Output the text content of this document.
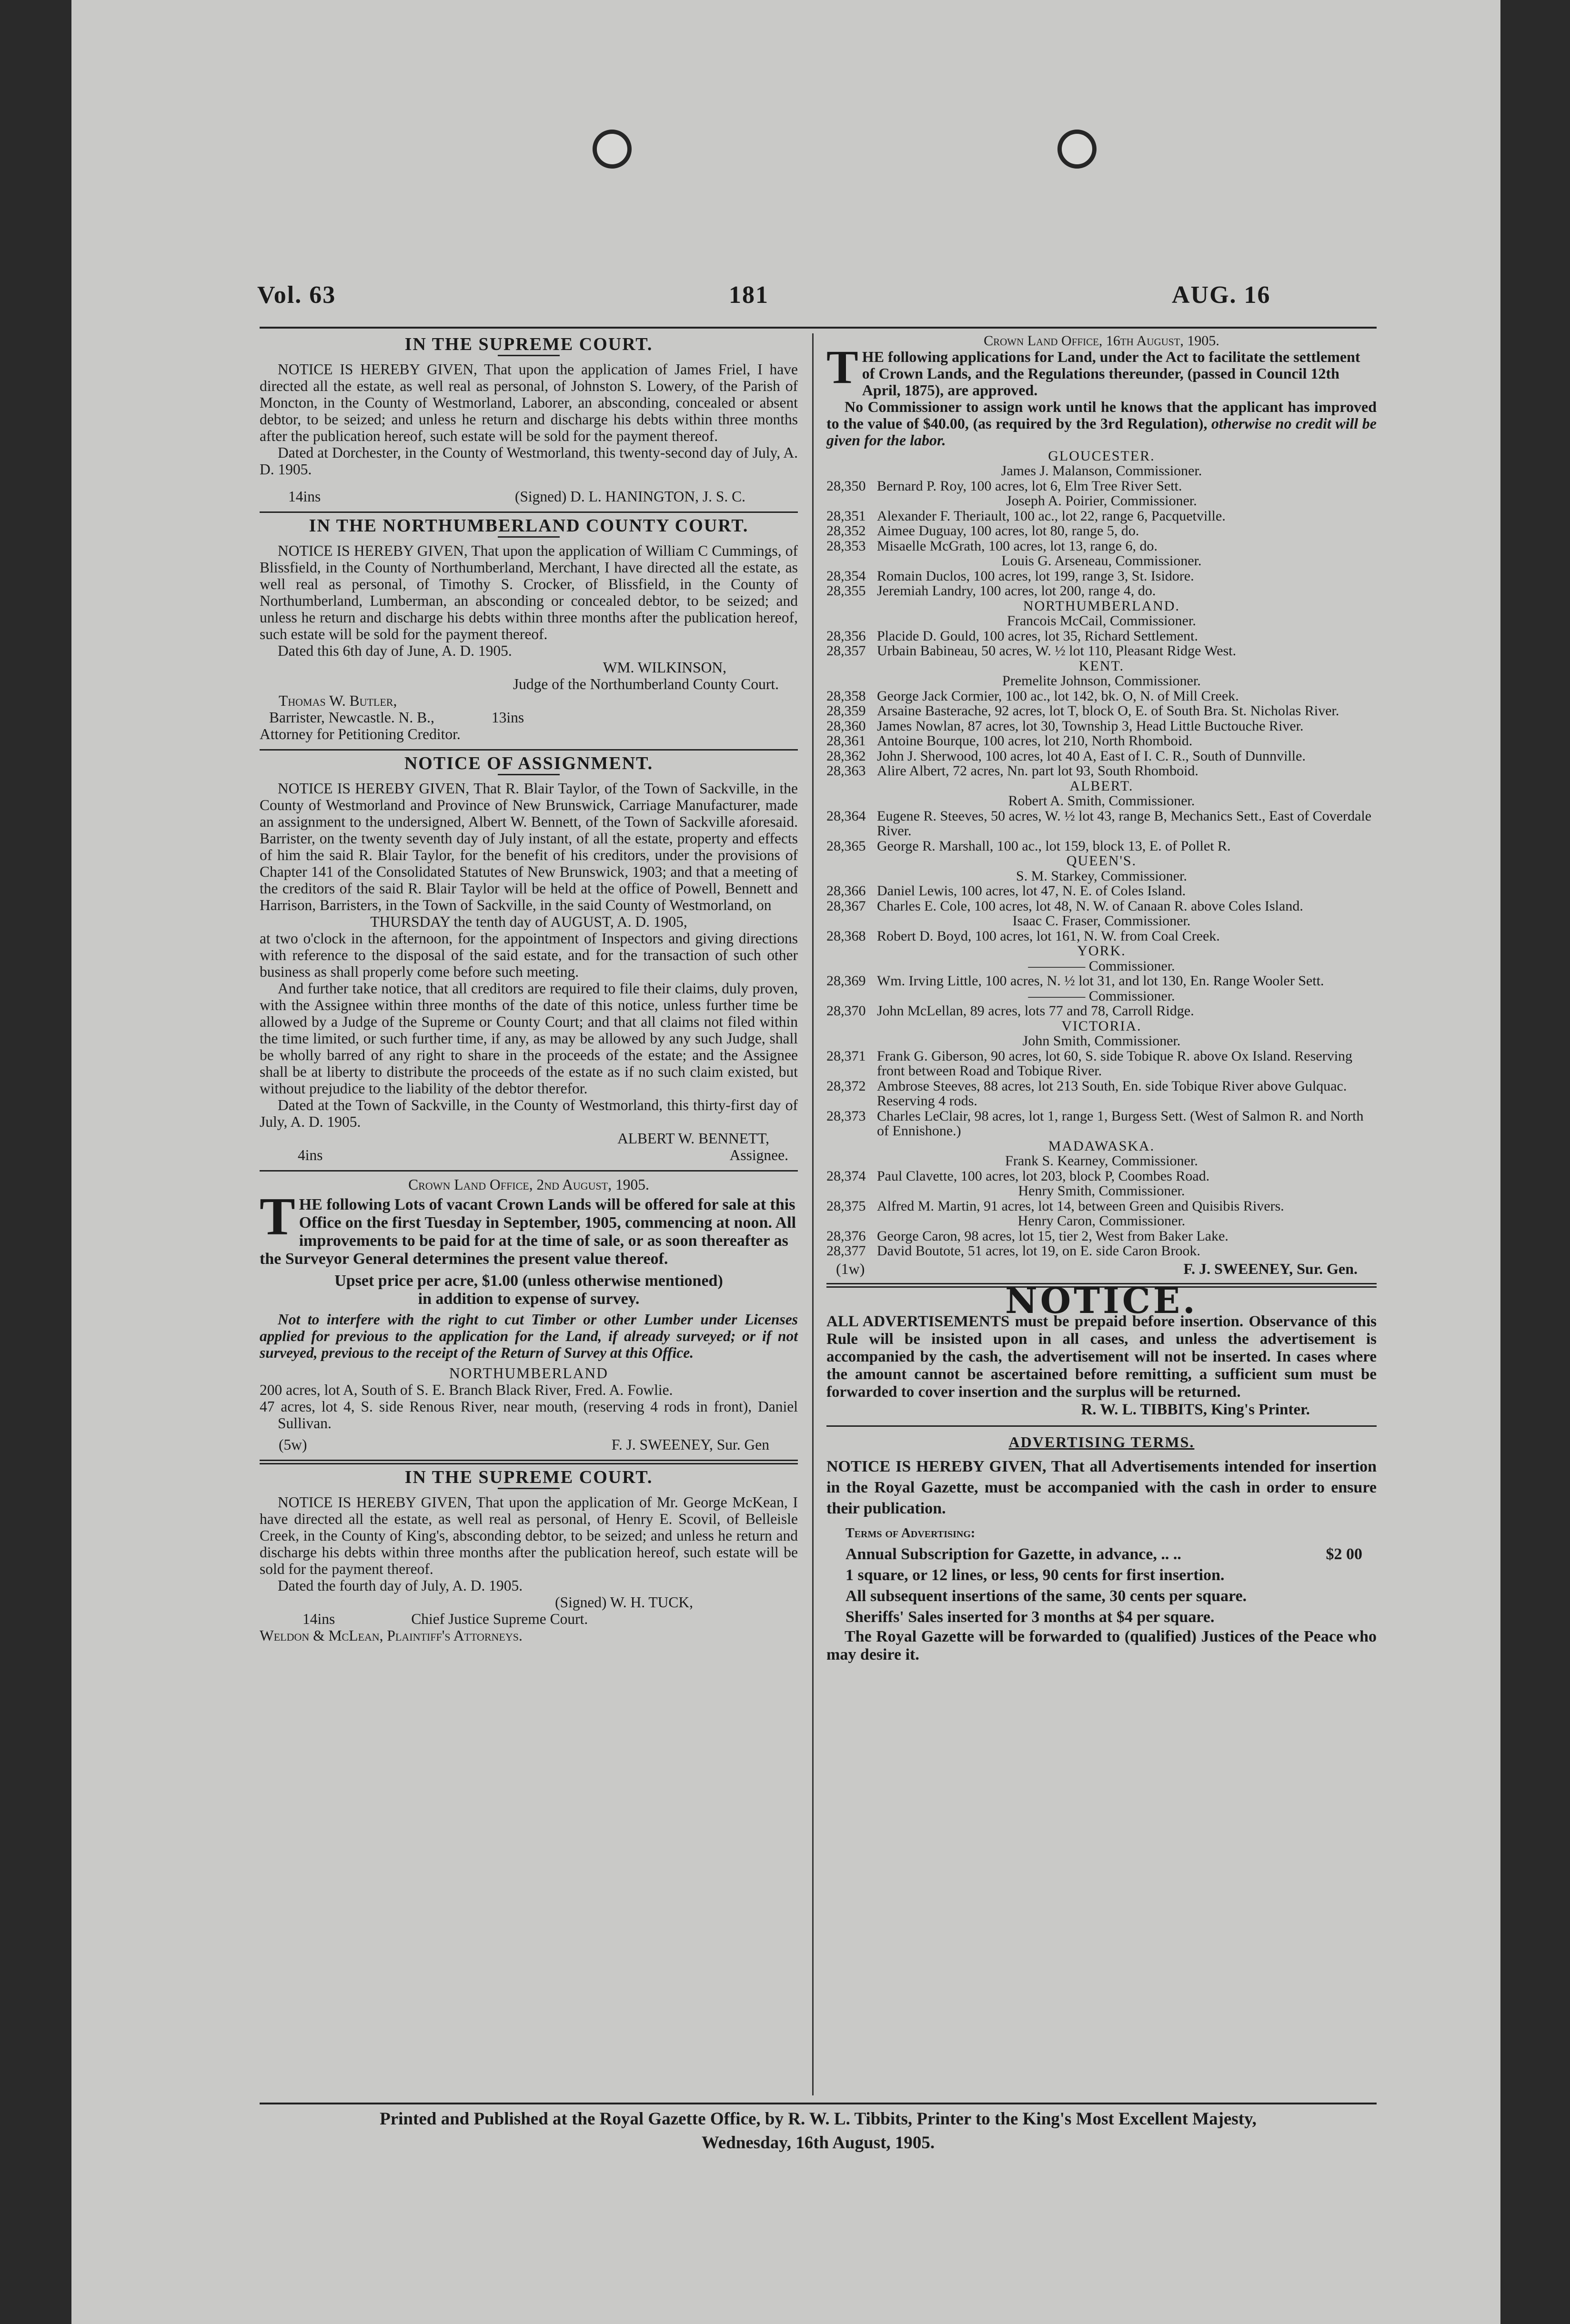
Vol. 63	181	AUG. 16
IN THE SUPREME COURT.

NOTICE IS HEREBY GIVEN, That upon the application of James Friel, I have directed all the estate, as well real as personal, of Johnston S. Lowery, of the Parish of Moncton, in the County of Westmorland, Laborer, an absconding, concealed or absent debtor, to be seized; and unless he return and discharge his debts within three months after the publication hereof, such estate will be sold for the payment thereof.

Dated at Dorchester, in the County of Westmorland, this twenty-second day of July, A. D. 1905.

14ins	(Signed) D. L. HANINGTON, J. S. C.
IN THE NORTHUMBERLAND COUNTY COURT.

NOTICE IS HEREBY GIVEN, That upon the application of William C Cummings, of Blissfield, in the County of Northumberland, Merchant, I have directed all the estate, as well real as personal, of Timothy S. Crocker, of Blissfield, in the County of Northumberland, Lumberman, an absconding or concealed debtor, to be seized; and unless he return and discharge his debts within three months after the publication hereof, such estate will be sold for the payment thereof.

Dated this 6th day of June, A. D. 1905.

WM. WILKINSON,

Judge of the Northumberland County Court.

Thomas W. Butler,

Barrister, Newcastle. N. B.,	13ins

Attorney for Petitioning Creditor.

NOTICE OF ASSIGNMENT.

NOTICE IS HEREBY GIVEN, That R. Blair Taylor, of the Town of Sackville, in the County of Westmorland and Province of New Brunswick, Carriage Manufacturer, made an assignment to the undersigned, Albert W. Bennett, of the Town of Sackville aforesaid. Barrister, on the twenty seventh day of July instant, of all the estate, property and effects of him the said R. Blair Taylor, for the benefit of his creditors, under the provisions of Chapter 141 of the Consolidated Statutes of New Brunswick, 1903; and that a meeting of the creditors of the said R. Blair Taylor will be held at the office of Powell, Bennett and Harrison, Barristers, in the Town of Sackville, in the said County of Westmorland, on

THURSDAY the tenth day of AUGUST, A. D. 1905,

at two o'clock in the afternoon, for the appointment of Inspectors and giving directions with reference to the disposal of the said estate, and for the transaction of such other business as shall properly come before such meeting.

And further take notice, that all creditors are required to file their claims, duly proven, with the Assignee within three months of the date of this notice, unless further time be allowed by a Judge of the Supreme or County Court; and that all claims not filed within the time limited, or such further time, if any, as may be allowed by any such Judge, shall be wholly barred of any right to share in the proceeds of the estate; and the Assignee shall be at liberty to distribute the proceeds of the estate as if no such claim existed, but without prejudice to the liability of the debtor therefor.

Dated at the Town of Sackville, in the County of Westmorland, this thirty-first day of July, A. D. 1905.

ALBERT W. BENNETT,

4ins	Assignee.

Crown Land Office, 2nd August, 1905.

T HE following Lots of vacant Crown Lands will be offered for sale at this Office on the first Tuesday in September, 1905, commencing at noon. All improvements to be paid for at the time of sale, or as soon thereafter as the Surveyor General determines the present value thereof.

Upset price per acre, $1.00 (unless otherwise mentioned)

in addition to expense of survey.

Not to interfere with the right to cut Timber or other Lumber under Licenses applied for previous to the application for the Land, if already surveyed; or if not surveyed, previous to the receipt of the Return of Survey at this Office.

NORTHUMBERLAND

200 acres, lot A, South of S. E. Branch Black River, Fred. A. Fowlie.

47 acres, lot 4, S. side Renous River, near mouth, (reserving 4 rods in front), Daniel Sullivan.

(5w)	F. J. SWEENEY, Sur. Gen
IN THE SUPREME COURT.

NOTICE IS HEREBY GIVEN, That upon the application of Mr. George McKean, I have directed all the estate, as well real as personal, of Henry E. Scovil, of Belleisle Creek, in the County of King's, absconding debtor, to be seized; and unless he return and discharge his debts within three months after the publication hereof, such estate will be sold for the payment thereof.

Dated the fourth day of July, A. D. 1905.

(Signed) W. H. TUCK,

14ins	Chief Justice Supreme Court.

Weldon & McLean, Plaintiff's Attorneys.

Crown Land Office, 16th August, 1905.

T HE following applications for Land, under the Act to facilitate the settlement of Crown Lands, and the Regulations thereunder, (passed in Council 12th April, 1875), are approved.

No Commissioner to assign work until he knows that the applicant has improved to the value of $40.00, (as required by the 3rd Regulation), otherwise no credit will be given for the labor.

GLOUCESTER.

James J. Malanson, Commissioner.

28,350 Bernard P. Roy, 100 acres, lot 6, Elm Tree River Sett.

Joseph A. Poirier, Commissioner.

28,351 Alexander F. Theriault, 100 ac., lot 22, range 6, Pacquetville.
28,352 Aimee Duguay, 100 acres, lot 80, range 5, do.
28,353 Misaelle McGrath, 100 acres, lot 13, range 6, do.

Louis G. Arseneau, Commissioner.

28,354 Romain Duclos, 100 acres, lot 199, range 3, St. Isidore.
28,355 Jeremiah Landry, 100 acres, lot 200, range 4, do.

NORTHUMBERLAND.

Francois McCail, Commissioner.

28,356 Placide D. Gould, 100 acres, lot 35, Richard Settlement.
28,357 Urbain Babineau, 50 acres, W. ½ lot 110, Pleasant Ridge West.

KENT.

Premelite Johnson, Commissioner.

28,358 George Jack Cormier, 100 ac., lot 142, bk. O, N. of Mill Creek.
28,359 Arsaine Basterache, 92 acres, lot T, block O, E. of South Bra. St. Nicholas River.
28,360 James Nowlan, 87 acres, lot 30, Township 3, Head Little Buctouche River.
28,361 Antoine Bourque, 100 acres, lot 210, North Rhomboid.
28,362 John J. Sherwood, 100 acres, lot 40 A, East of I. C. R., South of Dunnville.
28,363 Alire Albert, 72 acres, Nn. part lot 93, South Rhomboid.

ALBERT.

Robert A. Smith, Commissioner.

28,364 Eugene R. Steeves, 50 acres, W. ½ lot 43, range B, Mechanics Sett., East of Coverdale River.
28,365 George R. Marshall, 100 ac., lot 159, block 13, E. of Pollet R.

QUEEN'S.

S. M. Starkey, Commissioner.

28,366 Daniel Lewis, 100 acres, lot 47, N. E. of Coles Island.
28,367 Charles E. Cole, 100 acres, lot 48, N. W. of Canaan R. above Coles Island.

Isaac C. Fraser, Commissioner.

28,368 Robert D. Boyd, 100 acres, lot 161, N. W. from Coal Creek.

YORK.

———— Commissioner.

28,369 Wm. Irving Little, 100 acres, N. ½ lot 31, and lot 130, En. Range Wooler Sett.

———— Commissioner.

28,370 John McLellan, 89 acres, lots 77 and 78, Carroll Ridge.

VICTORIA.

John Smith, Commissioner.

28,371 Frank G. Giberson, 90 acres, lot 60, S. side Tobique R. above Ox Island. Reserving front between Road and Tobique River.
28,372 Ambrose Steeves, 88 acres, lot 213 South, En. side Tobique River above Gulquac. Reserving 4 rods.
28,373 Charles LeClair, 98 acres, lot 1, range 1, Burgess Sett. (West of Salmon R. and North of Ennishone.)

MADAWASKA.

Frank S. Kearney, Commissioner.

28,374 Paul Clavette, 100 acres, lot 203, block P, Coombes Road.

Henry Smith, Commissioner.

28,375 Alfred M. Martin, 91 acres, lot 14, between Green and Quisibis Rivers.

Henry Caron, Commissioner.

28,376 George Caron, 98 acres, lot 15, tier 2, West from Baker Lake.
28,377 David Boutote, 51 acres, lot 19, on E. side Caron Brook.
(1w)	F. J. SWEENEY, Sur. Gen.
NOTICE.

ALL ADVERTISEMENTS must be prepaid before insertion. Observance of this Rule will be insisted upon in all cases, and unless the advertisement is accompanied by the cash, the advertisement will not be inserted. In cases where the amount cannot be ascertained before remitting, a sufficient sum must be forwarded to cover insertion and the surplus will be returned.

R. W. L. TIBBITS, King's Printer.

ADVERTISING TERMS.

NOTICE IS HEREBY GIVEN, That all Advertisements intended for insertion in the Royal Gazette, must be accompanied with the cash in order to ensure their publication.

Terms of Advertising:

Annual Subscription for Gazette, in advance, .. ..	$2 00

1 square, or 12 lines, or less, 90 cents for first insertion.

All subsequent insertions of the same, 30 cents per square.

Sheriffs' Sales inserted for 3 months at $4 per square.

The Royal Gazette will be forwarded to (qualified) Justices of the Peace who may desire it.

Printed and Published at the Royal Gazette Office, by R. W. L. Tibbits, Printer to the King's Most Excellent Majesty,
Wednesday, 16th August, 1905.
